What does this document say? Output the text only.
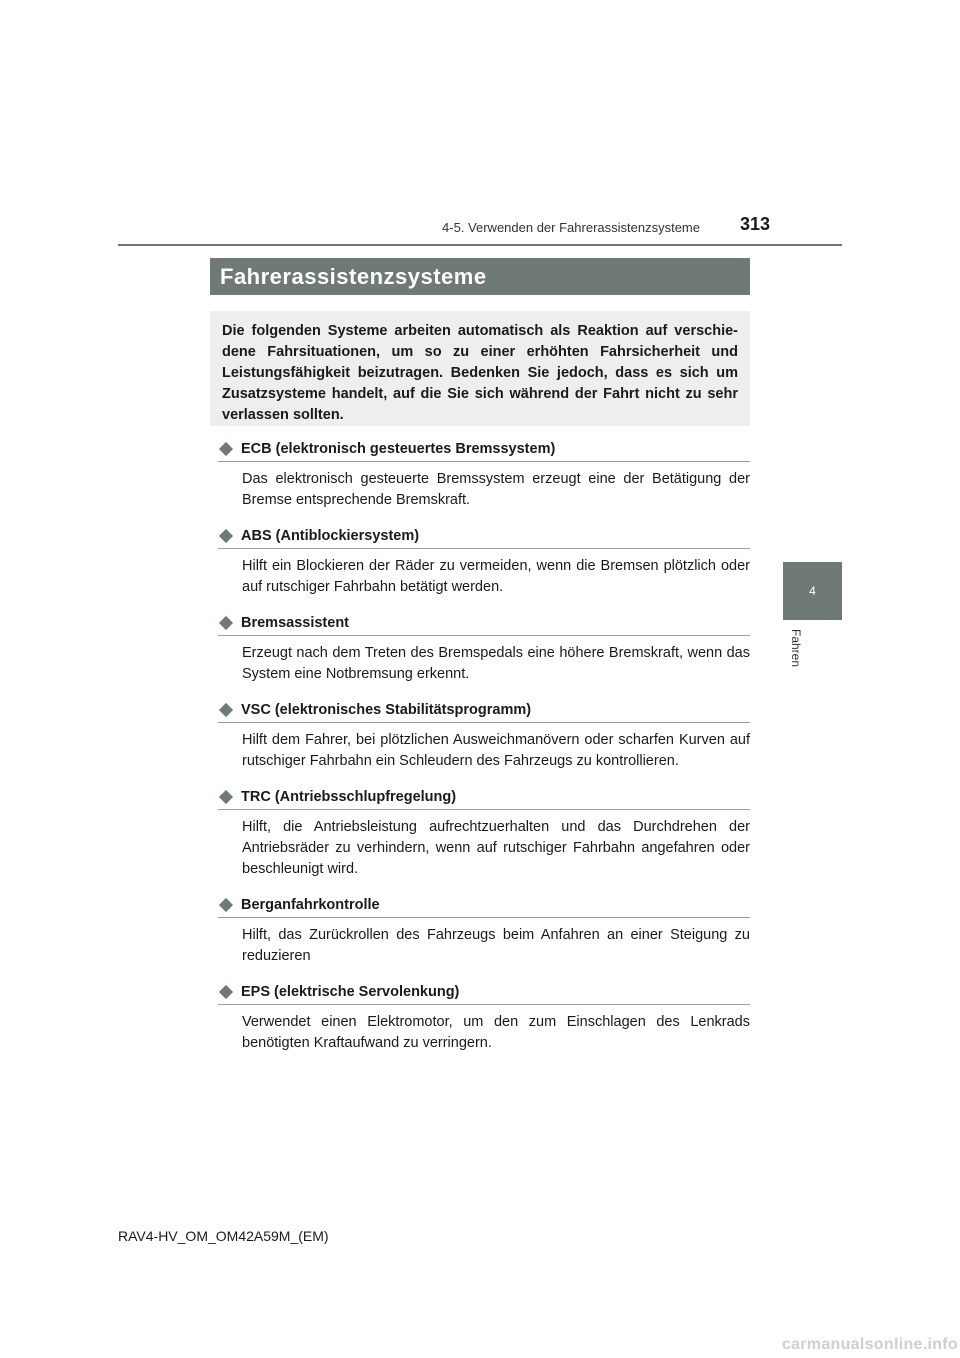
4-5. Verwenden der Fahrerassistenzsysteme 313
4
Fahren
Fahrerassistenzsysteme
Die folgenden Systeme arbeiten automatisch als Reaktion auf verschie-dene Fahrsituationen, um so zu einer erhöhten Fahrsicherheit und Leistungsfähigkeit beizutragen. Bedenken Sie jedoch, dass es sich um Zusatzsysteme handelt, auf die Sie sich während der Fahrt nicht zu sehr verlassen sollten.
ECB (elektronisch gesteuertes Bremssystem)
Das elektronisch gesteuerte Bremssystem erzeugt eine der Betätigung der Bremse entsprechende Bremskraft.
ABS (Antiblockiersystem)
Hilft ein Blockieren der Räder zu vermeiden, wenn die Bremsen plötzlich oder auf rutschiger Fahrbahn betätigt werden.
Bremsassistent
Erzeugt nach dem Treten des Bremspedals eine höhere Bremskraft, wenn das System eine Notbremsung erkennt.
VSC (elektronisches Stabilitätsprogramm)
Hilft dem Fahrer, bei plötzlichen Ausweichmanövern oder scharfen Kurven auf rutschiger Fahrbahn ein Schleudern des Fahrzeugs zu kontrollieren.
TRC (Antriebsschlupfregelung)
Hilft, die Antriebsleistung aufrechtzuerhalten und das Durchdrehen der Antriebsräder zu verhindern, wenn auf rutschiger Fahrbahn angefahren oder beschleunigt wird.
Berganfahrkontrolle
Hilft, das Zurückrollen des Fahrzeugs beim Anfahren an einer Steigung zu reduzieren
EPS (elektrische Servolenkung)
Verwendet einen Elektromotor, um den zum Einschlagen des Lenkrads benötigten Kraftaufwand zu verringern.
RAV4-HV_OM_OM42A59M_(EM)
carmanualsonline.info
